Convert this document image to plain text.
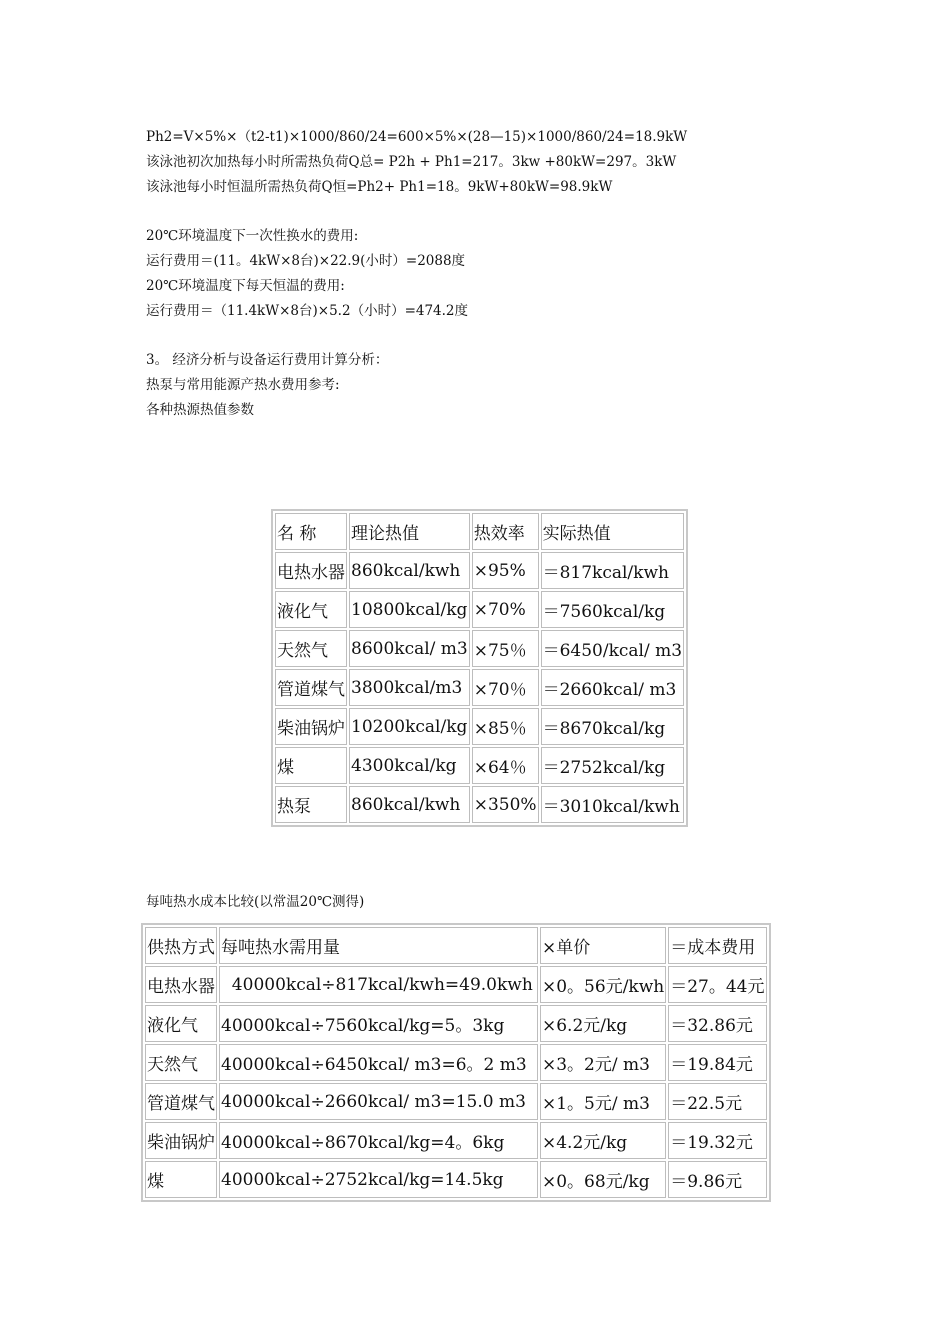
Ph2=V×5%×（t2-t1)×1000/860/24=600×5%×(28—15)×1000/860/24=18.9kW
该泳池初次加热每小时所需热负荷Q总= P2h + Ph1=217。3kw +80kW=297。3kW
该泳池每小时恒温所需热负荷Q恒=Ph2+ Ph1=18。9kW+80kW=98.9kW
20℃环境温度下一次性换水的费用:
运行费用＝(11。4kW×8台)×22.9(小时）=2088度
20℃环境温度下每天恒温的费用:
运行费用＝（11.4kW×8台)×5.2（小时）=474.2度
3。 经济分析与设备运行费用计算分析：
热泵与常用能源产热水费用参考:
各种热源热值参数
名 称	理论热值	热效率	实际热值
电热水器	860kcal/kwh	×95%	＝817kcal/kwh
液化气	10800kcal/kg	×70%	＝7560kcal/kg
天然气	8600kcal/ m3	×75％	＝6450/kcal/ m3
管道煤气	3800kcal/m3	×70％	＝2660kcal/ m3
柴油锅炉	10200kcal/kg	×85％	＝8670kcal/kg
煤	4300kcal/kg	×64％	＝2752kcal/kg
热泵	860kcal/kwh	×350%	＝3010kcal/kwh
每吨热水成本比较(以常温20℃测得)
供热方式	每吨热水需用量	×单价	＝成本费用
电热水器	40000kcal÷817kcal/kwh=49.0kwh	×0。56元/kwh	＝27。44元
液化气	40000kcal÷7560kcal/kg=5。3kg	×6.2元/kg	＝32.86元
天然气	40000kcal÷6450kcal/ m3=6。2 m3	×3。2元/ m3	＝19.84元
管道煤气	40000kcal÷2660kcal/ m3=15.0 m3	×1。5元/ m3	＝22.5元
柴油锅炉	40000kcal÷8670kcal/kg=4。6kg	×4.2元/kg	＝19.32元
煤	40000kcal÷2752kcal/kg=14.5kg	×0。68元/kg	＝9.86元
